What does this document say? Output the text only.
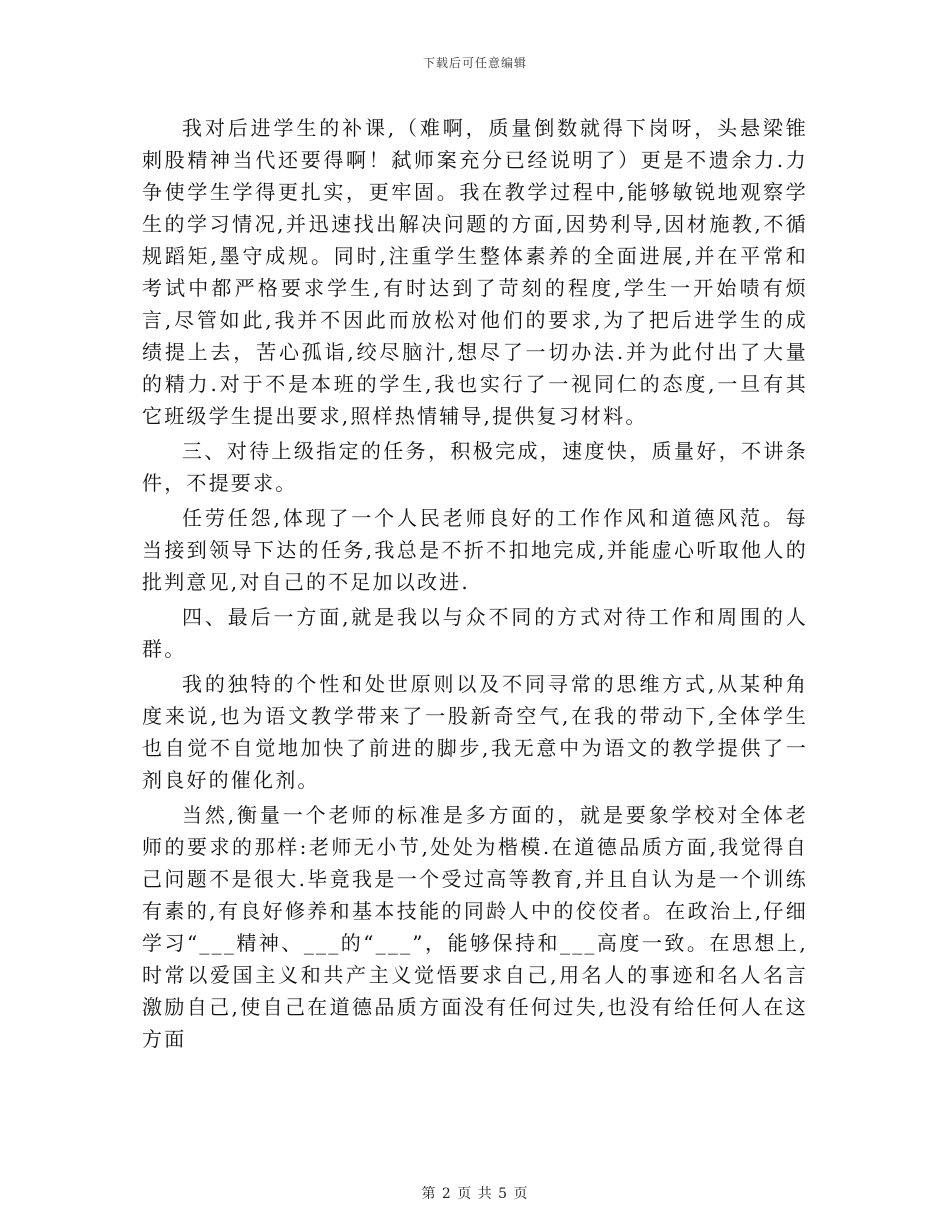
下载后可任意编辑

我对后进学生的补课,（难啊，质量倒数就得下岗呀，头悬梁锥刺股精神当代还要得啊！弑师案充分已经说明了）更是不遗余力.力争使学生学得更扎实，更牢固。我在教学过程中,能够敏锐地观察学生的学习情况,并迅速找出解决问题的方面,因势利导,因材施教,不循规蹈矩,墨守成规。同时,注重学生整体素养的全面进展,并在平常和考试中都严格要求学生,有时达到了苛刻的程度,学生一开始啧有烦言,尽管如此,我并不因此而放松对他们的要求,为了把后进学生的成绩提上去，苦心孤诣,绞尽脑汁,想尽了一切办法.并为此付出了大量的精力.对于不是本班的学生,我也实行了一视同仁的态度,一旦有其它班级学生提出要求,照样热情辅导,提供复习材料。

三、对待上级指定的任务，积极完成，速度快，质量好，不讲条件，不提要求。

任劳任怨,体现了一个人民老师良好的工作作风和道德风范。每当接到领导下达的任务,我总是不折不扣地完成,并能虚心听取他人的批判意见,对自己的不足加以改进.

四、最后一方面,就是我以与众不同的方式对待工作和周围的人群。

我的独特的个性和处世原则以及不同寻常的思维方式,从某种角度来说,也为语文教学带来了一股新奇空气,在我的带动下,全体学生也自觉不自觉地加快了前进的脚步,我无意中为语文的教学提供了一剂良好的催化剂。

当然,衡量一个老师的标准是多方面的，就是要象学校对全体老师的要求的那样:老师无小节,处处为楷模.在道德品质方面,我觉得自己问题不是很大.毕竟我是一个受过高等教育,并且自认为是一个训练有素的,有良好修养和基本技能的同龄人中的佼佼者。在政治上,仔细学习“___精神、___的“___”，能够保持和___高度一致。在思想上,时常以爱国主义和共产主义觉悟要求自己,用名人的事迹和名人名言激励自己,使自己在道德品质方面没有任何过失,也没有给任何人在这方面

第 2 页 共 5 页
